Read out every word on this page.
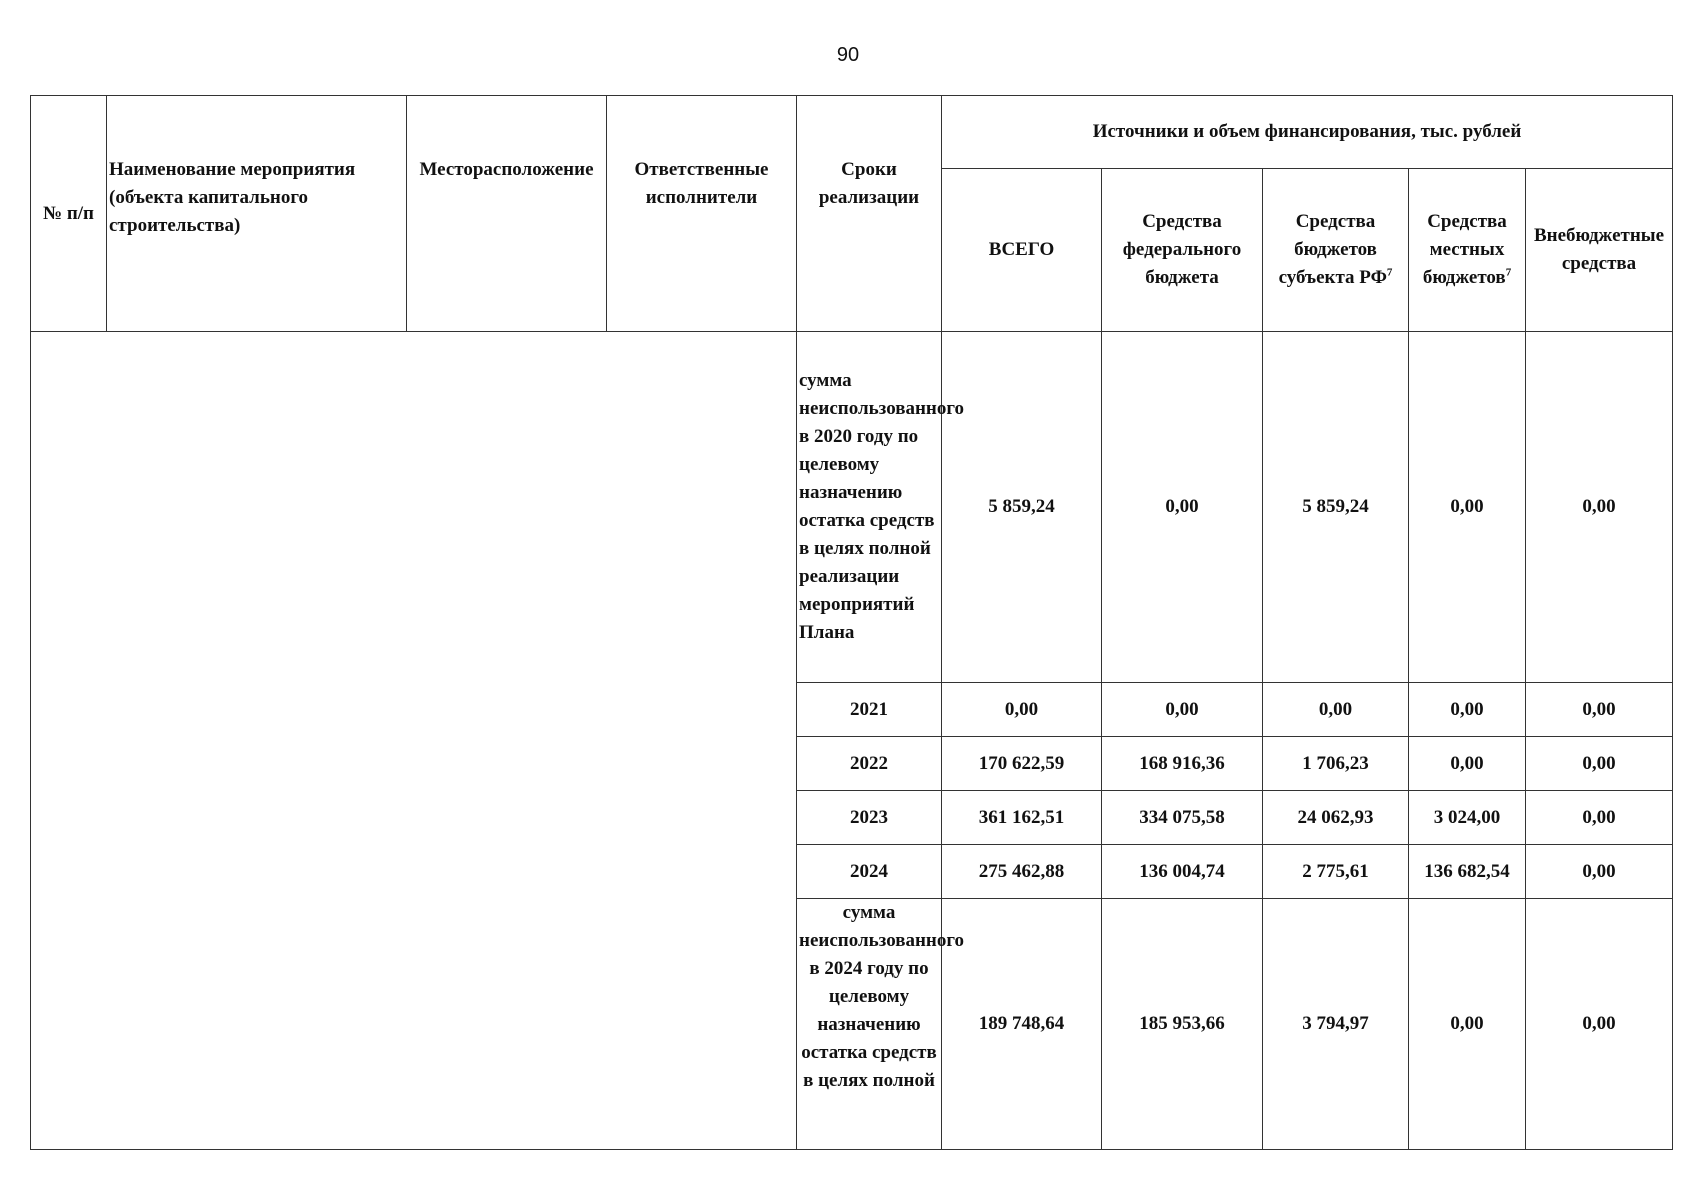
90
№ п/п	Наименование мероприятия (объекта капитального строительства)	Месторасположение	Ответственные исполнители	Сроки реализации	Источники и объем финансирования, тыс. рублей				
					ВСЕГО	Средства федерального бюджета	Средства бюджетов субъекта $РФ^7$	Средства местных бюджетов$^7$	Внебюджетные средства
				сумма неиспользованного в 2020 году по целевому назначению остатка средств в целях полной реализации мероприятий Плана	5 859,24	0,00	5 859,24	0,00	0,00
				2021	0,00	0,00	0,00	0,00	0,00
				2022	170 622,59	168 916,36	1 706,23	0,00	0,00
				2023	361 162,51	334 075,58	24 062,93	3 024,00	0,00
				2024	275 462,88	136 004,74	2 775,61	136 682,54	0,00

				сумма неиспользованного в 2024 году по целевому назначению остатка средств в целях полной	189 748,64	185 953,66	3 794,97	0,00	0,00
